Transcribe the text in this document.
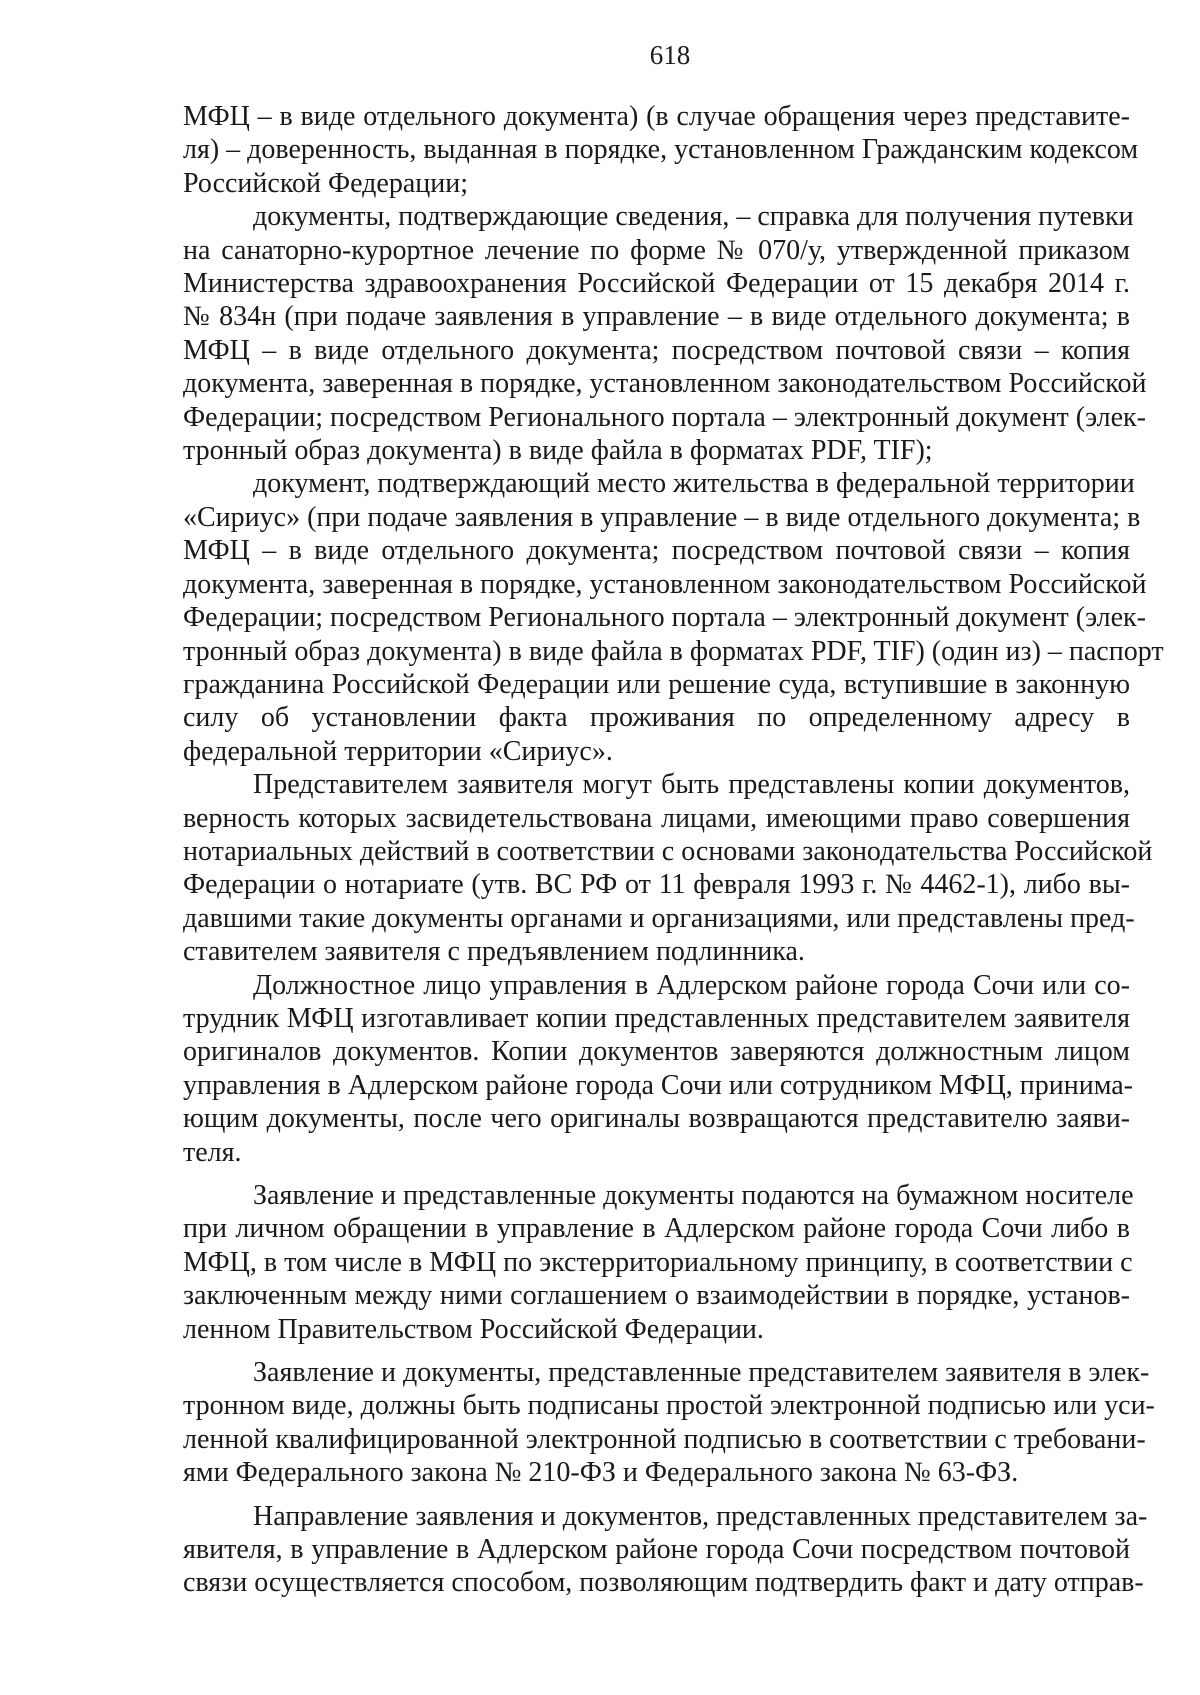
618

МФЦ – в виде отдельного документа) (в случае обращения через представите-
ля) – доверенность, выданная в порядке, установленном Гражданским кодексом
Российской Федерации;

документы, подтверждающие сведения, – справка для получения путевки
на санаторно-курортное лечение по форме № 070/у, утвержденной приказом
Министерства здравоохранения Российской Федерации от 15 декабря 2014 г.
№ 834н (при подаче заявления в управление – в виде отдельного документа; в
МФЦ – в виде отдельного документа; посредством почтовой связи – копия
документа, заверенная в порядке, установленном законодательством Российской
Федерации; посредством Регионального портала – электронный документ (элек-
тронный образ документа) в виде файла в форматах PDF, TIF);

документ, подтверждающий место жительства в федеральной территории
«Сириус» (при подаче заявления в управление – в виде отдельного документа; в
МФЦ – в виде отдельного документа; посредством почтовой связи – копия
документа, заверенная в порядке, установленном законодательством Российской
Федерации; посредством Регионального портала – электронный документ (элек-
тронный образ документа) в виде файла в форматах PDF, TIF) (один из) – паспорт
гражданина Российской Федерации или решение суда, вступившие в законную
силу об установлении факта проживания по определенному адресу в
федеральной территории «Сириус».

Представителем заявителя могут быть представлены копии документов,
верность которых засвидетельствована лицами, имеющими право совершения
нотариальных действий в соответствии с основами законодательства Российской
Федерации о нотариате (утв. ВС РФ от 11 февраля 1993 г. № 4462-1), либо вы-
давшими такие документы органами и организациями, или представлены пред-
ставителем заявителя с предъявлением подлинника.

Должностное лицо управления в Адлерском районе города Сочи или со-
трудник МФЦ изготавливает копии представленных представителем заявителя
оригиналов документов. Копии документов заверяются должностным лицом
управления в Адлерском районе города Сочи или сотрудником МФЦ, принима-
ющим документы, после чего оригиналы возвращаются представителю заяви-
теля.

Заявление и представленные документы подаются на бумажном носителе
при личном обращении в управление в Адлерском районе города Сочи либо в
МФЦ, в том числе в МФЦ по экстерриториальному принципу, в соответствии с
заключенным между ними соглашением о взаимодействии в порядке, установ-
ленном Правительством Российской Федерации.

Заявление и документы, представленные представителем заявителя в элек-
тронном виде, должны быть подписаны простой электронной подписью или уси-
ленной квалифицированной электронной подписью в соответствии с требовани-
ями Федерального закона № 210-ФЗ и Федерального закона № 63-ФЗ.

Направление заявления и документов, представленных представителем за-
явителя, в управление в Адлерском районе города Сочи посредством почтовой
связи осуществляется способом, позволяющим подтвердить факт и дату отправ-
